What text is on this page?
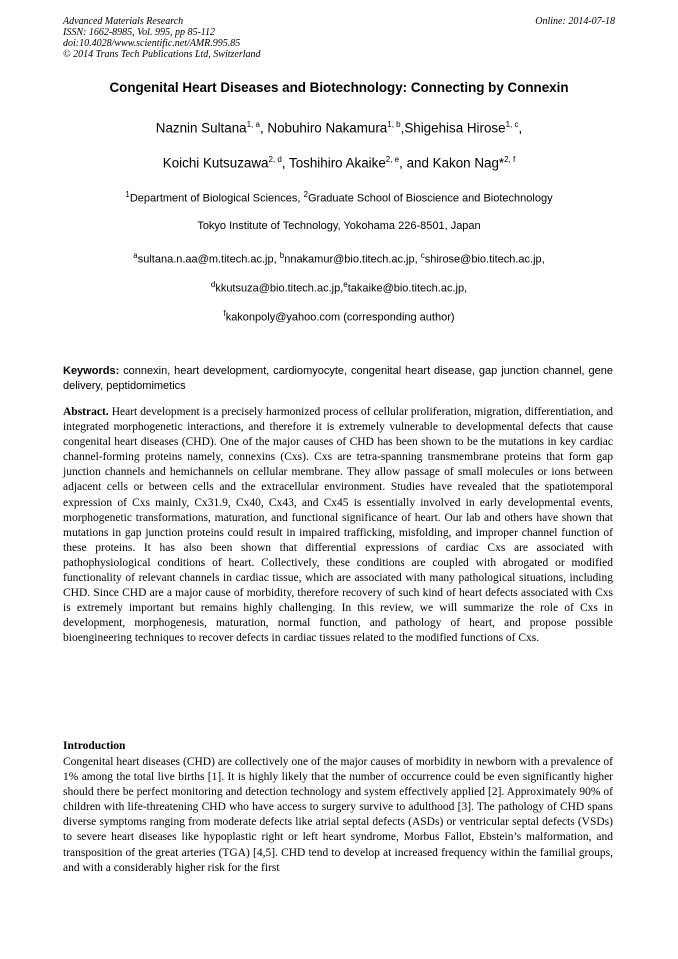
Advanced Materials Research
ISSN: 1662-8985, Vol. 995, pp 85-112
doi:10.4028/www.scientific.net/AMR.995.85
© 2014 Trans Tech Publications Ltd, Switzerland
Online: 2014-07-18
Congenital Heart Diseases and Biotechnology: Connecting by Connexin
Naznin Sultana$^{1, a}$, Nobuhiro Nakamura$^{1, b}$,Shigehisa Hirose$^{1, c}$,
Koichi Kutsuzawa$^{2, d}$, Toshihiro Akaike$^{2, e}$, and Kakon Nag*$^{2, f}$
$^1$Department of Biological Sciences, $^2$Graduate School of Bioscience and Biotechnology
Tokyo Institute of Technology, Yokohama 226-8501, Japan
$^a$sultana.n.aa@m.titech.ac.jp, $^b$nnakamur@bio.titech.ac.jp, $^c$shirose@bio.titech.ac.jp,
$^d$kkutsuza@bio.titech.ac.jp,$^e$takaike@bio.titech.ac.jp,
$^f$kakonpoly@yahoo.com (corresponding author)
Keywords: connexin, heart development, cardiomyocyte, congenital heart disease, gap junction channel, gene delivery, peptidomimetics
Abstract. Heart development is a precisely harmonized process of cellular proliferation, migration, differentiation, and integrated morphogenetic interactions, and therefore it is extremely vulnerable to developmental defects that cause congenital heart diseases (CHD). One of the major causes of CHD has been shown to be the mutations in key cardiac channel-forming proteins namely, connexins (Cxs). Cxs are tetra-spanning transmembrane proteins that form gap junction channels and hemichannels on cellular membrane. They allow passage of small molecules or ions between adjacent cells or between cells and the extracellular environment. Studies have revealed that the spatiotemporal expression of Cxs mainly, Cx31.9, Cx40, Cx43, and Cx45 is essentially involved in early developmental events, morphogenetic transformations, maturation, and functional significance of heart. Our lab and others have shown that mutations in gap junction proteins could result in impaired trafficking, misfolding, and improper channel function of these proteins. It has also been shown that differential expressions of cardiac Cxs are associated with pathophysiological conditions of heart. Collectively, these conditions are coupled with abrogated or modified functionality of relevant channels in cardiac tissue, which are associated with many pathological situations, including CHD. Since CHD are a major cause of morbidity, therefore recovery of such kind of heart defects associated with Cxs is extremely important but remains highly challenging. In this review, we will summarize the role of Cxs in development, morphogenesis, maturation, normal function, and pathology of heart, and propose possible bioengineering techniques to recover defects in cardiac tissues related to the modified functions of Cxs.
Introduction
Congenital heart diseases (CHD) are collectively one of the major causes of morbidity in newborn with a prevalence of 1% among the total live births [1]. It is highly likely that the number of occurrence could be even significantly higher should there be perfect monitoring and detection technology and system effectively applied [2]. Approximately 90% of children with life-threatening CHD who have access to surgery survive to adulthood [3]. The pathology of CHD spans diverse symptoms ranging from moderate defects like atrial septal defects (ASDs) or ventricular septal defects (VSDs) to severe heart diseases like hypoplastic right or left heart syndrome, Morbus Fallot, Ebstein’s malformation, and transposition of the great arteries (TGA) [4,5]. CHD tend to develop at increased frequency within the familial groups, and with a considerably higher risk for the first
